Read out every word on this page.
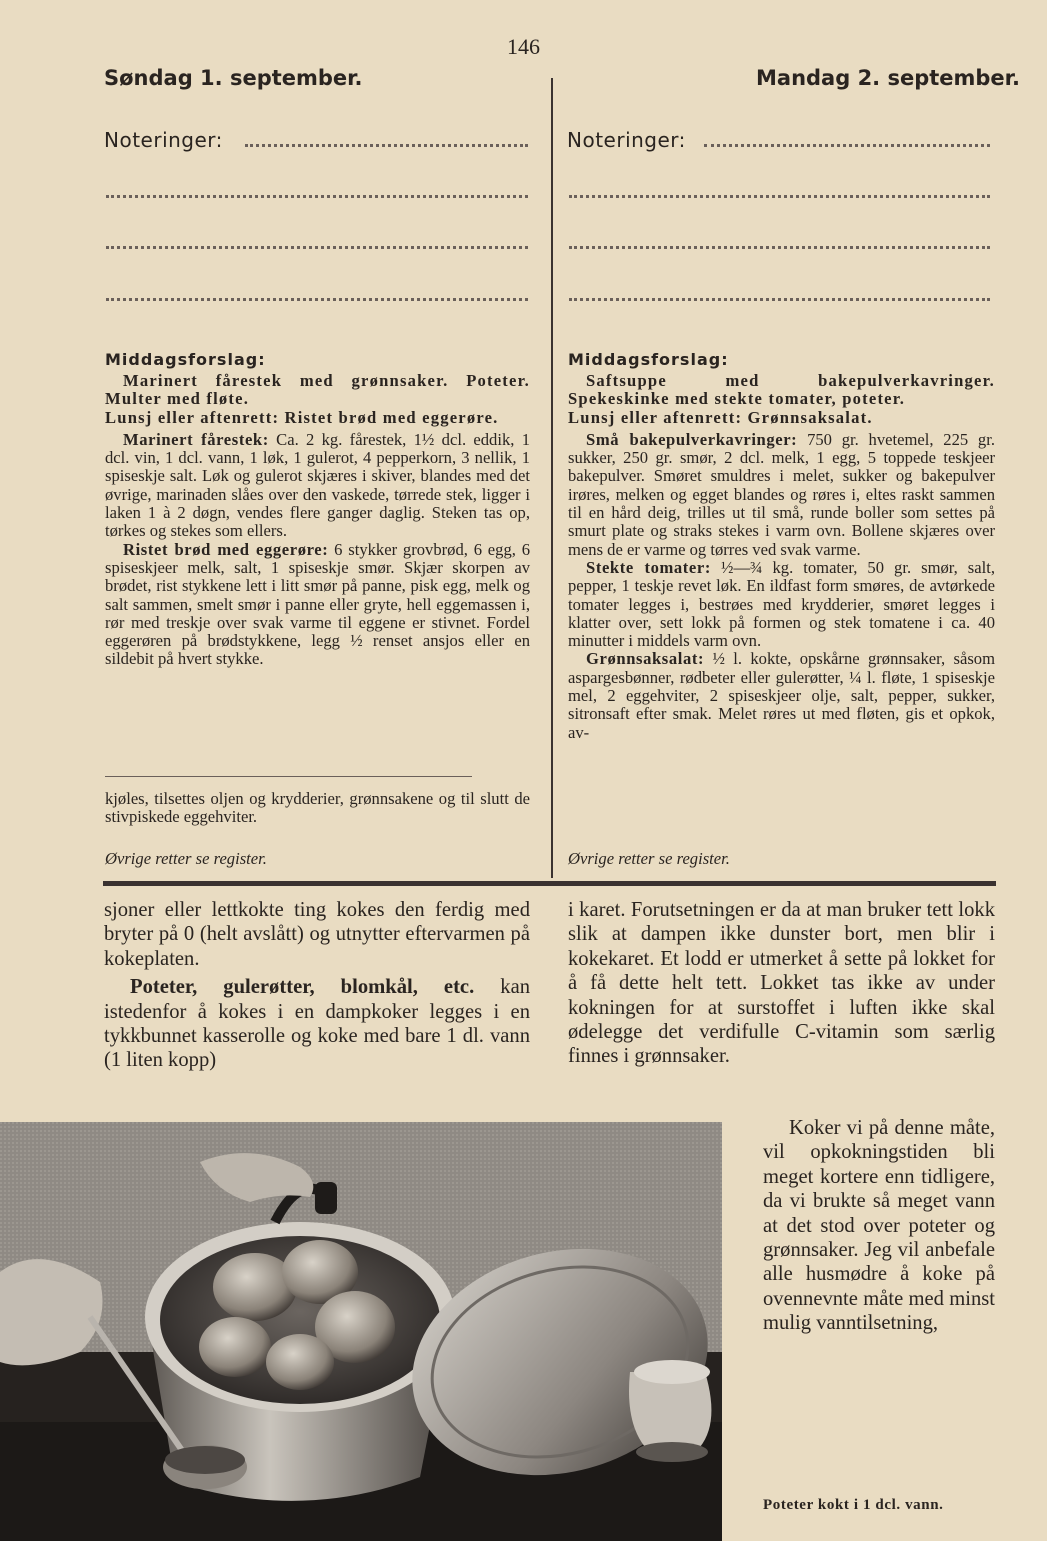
146
Søndag 1. september.	Mandag 2. september.
Noteringer:	Noteringer:
Middagsforslag:

Marinert fårestek med grønnsaker. Poteter. Multer med fløte.

Lunsj eller aftenrett: Ristet brød med eggerøre.

Marinert fårestek: Ca. 2 kg. fårestek, 1½ dcl. eddik, 1 dcl. vin, 1 dcl. vann, 1 løk, 1 gulerot, 4 pepperkorn, 3 nellik, 1 spiseskje salt. Løk og gulerot skjæres i skiver, blandes med det øvrige, marinaden slåes over den vaskede, tørrede stek, ligger i laken 1 à 2 døgn, vendes flere ganger daglig. Steken tas op, tørkes og stekes som ellers.

Ristet brød med eggerøre: 6 stykker grovbrød, 6 egg, 6 spiseskjeer melk, salt, 1 spiseskje smør. Skjær skorpen av brødet, rist stykkene lett i litt smør på panne, pisk egg, melk og salt sammen, smelt smør i panne eller gryte, hell eggemassen i, rør med treskje over svak varme til eggene er stivnet. Fordel eggerøren på brødstykkene, legg ½ renset ansjos eller en sildebit på hvert stykke.

kjøles, tilsettes oljen og krydderier, grønnsakene og til slutt de stivpiskede eggehviter.
Øvrige retter se register.
Middagsforslag:

Saftsuppe med bakepulverkavringer. Spekeskinke med stekte tomater, poteter.

Lunsj eller aftenrett: Grønnsaksalat.

Små bakepulverkavringer: 750 gr. hvetemel, 225 gr. sukker, 250 gr. smør, 2 dcl. melk, 1 egg, 5 toppede teskjeer bakepulver. Smøret smuldres i melet, sukker og bakepulver irøres, melken og egget blandes og røres i, eltes raskt sammen til en hård deig, trilles ut til små, runde boller som settes på smurt plate og straks stekes i varm ovn. Bollene skjæres over mens de er varme og tørres ved svak varme.

Stekte tomater: ½—¾ kg. tomater, 50 gr. smør, salt, pepper, 1 teskje revet løk. En ildfast form smøres, de avtørkede tomater legges i, bestrøes med krydderier, smøret legges i klatter over, sett lokk på formen og stek tomatene i ca. 40 minutter i middels varm ovn.

Grønnsaksalat: ½ l. kokte, opskårne grønnsaker, såsom aspargesbønner, rødbeter eller gulerøtter, ¼ l. fløte, 1 spiseskje mel, 2 eggehviter, 2 spiseskjeer olje, salt, pepper, sukker, sitronsaft efter smak. Melet røres ut med fløten, gis et opkok, av-

Øvrige retter se register.

sjoner eller lettkokte ting kokes den ferdig med bryter på 0 (helt avslått) og utnytter eftervarmen på kokeplaten.

Poteter, gulerøtter, blomkål, etc. kan istedenfor å kokes i en dampkoker legges i en tykkbunnet kasserolle og koke med bare 1 dl. vann (1 liten kopp)

i karet. Forutsetningen er da at man bruker tett lokk slik at dampen ikke dunster bort, men blir i kokekaret. Et lodd er utmerket å sette på lokket for å få dette helt tett. Lokket tas ikke av under kokningen for at surstoffet i luften ikke skal ødelegge det verdifulle C-vitamin som særlig finnes i grønnsaker.

Koker vi på denne måte, vil opkokningstiden bli meget kortere enn tidligere, da vi brukte så meget vann at det stod over poteter og grønnsaker. Jeg vil anbefale alle husmødre å koke på ovennevnte måte med minst mulig vanntilsetning,

Poteter kokt i 1 dcl. vann.
